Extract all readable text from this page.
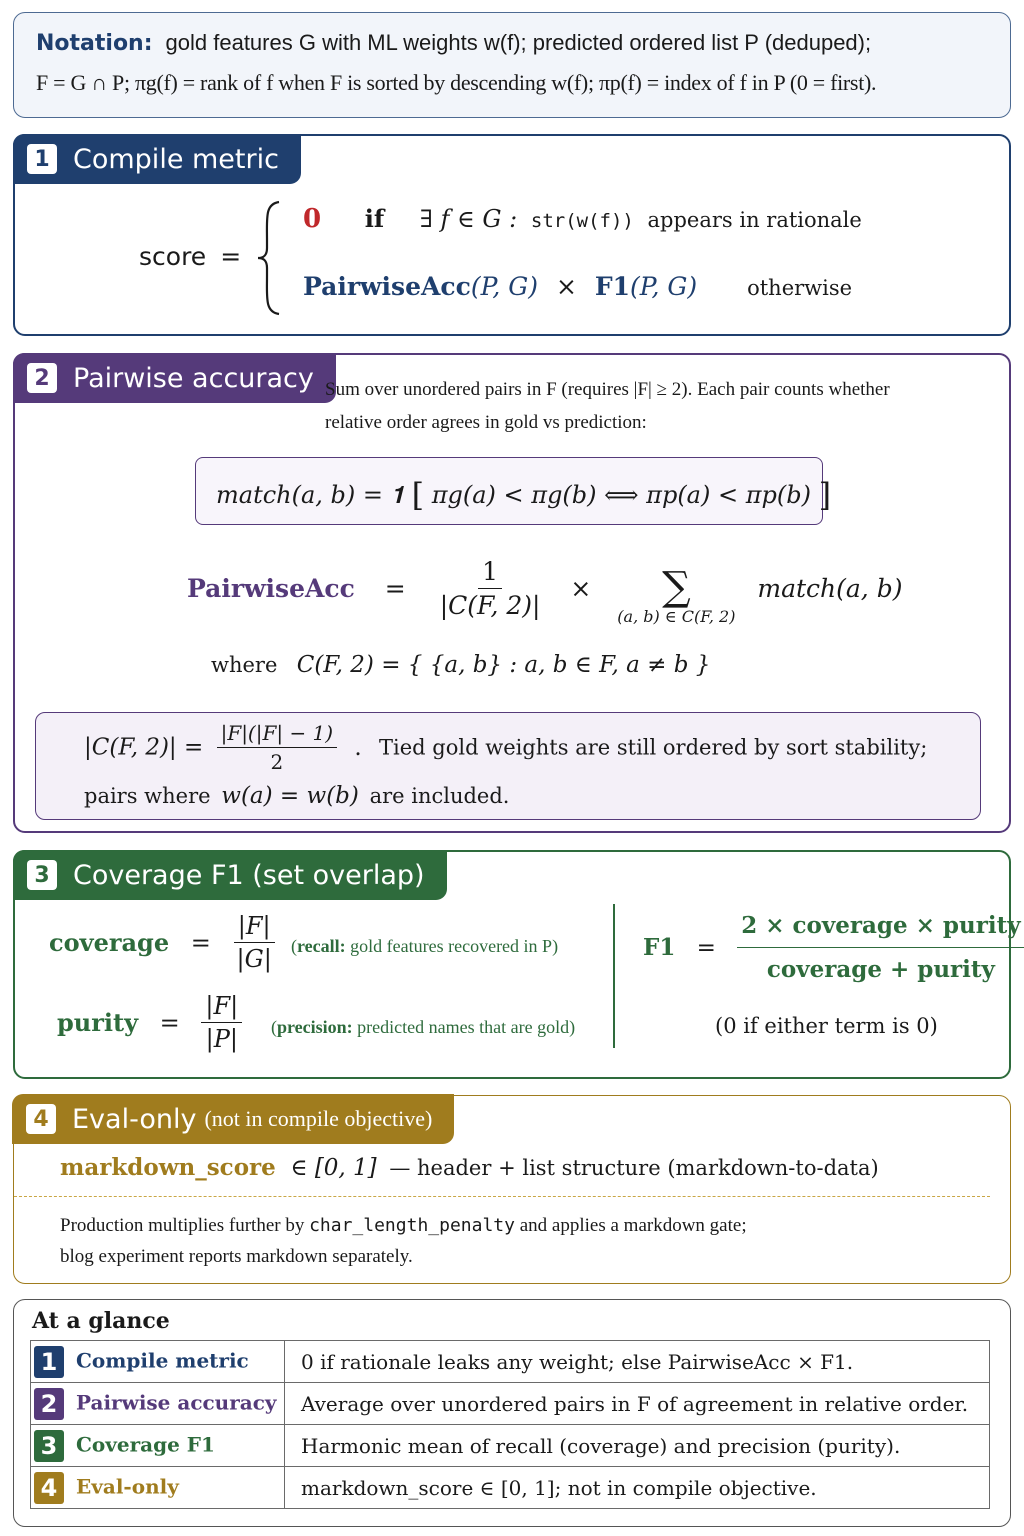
Notation: gold features G with ML weights w(f); predicted ordered list P (deduped);
F = G ∩ P; πg(f) = rank of f when F is sorted by descending w(f); πp(f) = index of f in P (0 = first).
1 Compile metric
score =
0 if ∃ f ∈ G : str(w(f)) appears in rationale
PairwiseAcc(P, G) × F1(P, G) otherwise
2 Pairwise accuracy Sum over unordered pairs in F (requires |F| ≥ 2). Each pair counts whether
relative order agrees in gold vs prediction:
match(a, b) = 𝟏 [ πg(a) < πg(b) ⟺ πp(a) < πp(b) ]
PairwiseAcc = $\frac{1}{|C(F, 2)|}$ × ∑
(a, b) ∈ C(F, 2)
match(a, b)
where C(F, 2) = { {a, b} : a, b ∈ F, a ≠ b }
|C(F, $2)| = \frac{|F|(|F| - 1)}{2}$ . Tied gold weights are still ordered by sort stability;
pairs where w(a) = w(b) are included.
3 Coverage F1 (set overlap)
coverage = $\frac{|F|}{|G|}$ (recall: gold features recovered in P)
purity = $\frac{|F|}{|P|}$ (precision: predicted names that are gold)
$F1 = \frac{\text{2 × coverage × purity}}{\text{coverage + purity}}$
(0 if either term is 0)
4 Eval-only (not in compile objective)
markdown_score ∈ [0, 1] — header + list structure (markdown-to-data)
Production multiplies further by char_length_penalty and applies a markdown gate;
blog experiment reports markdown separately.
At a glance
1 Compile metric	0 if rationale leaks any weight; else PairwiseAcc × F1.
2 Pairwise accuracy	Average over unordered pairs in F of agreement in relative order.
3 Coverage F1	Harmonic mean of recall (coverage) and precision (purity).
4 Eval-only	markdown_score ∈ [0, 1]; not in compile objective.
